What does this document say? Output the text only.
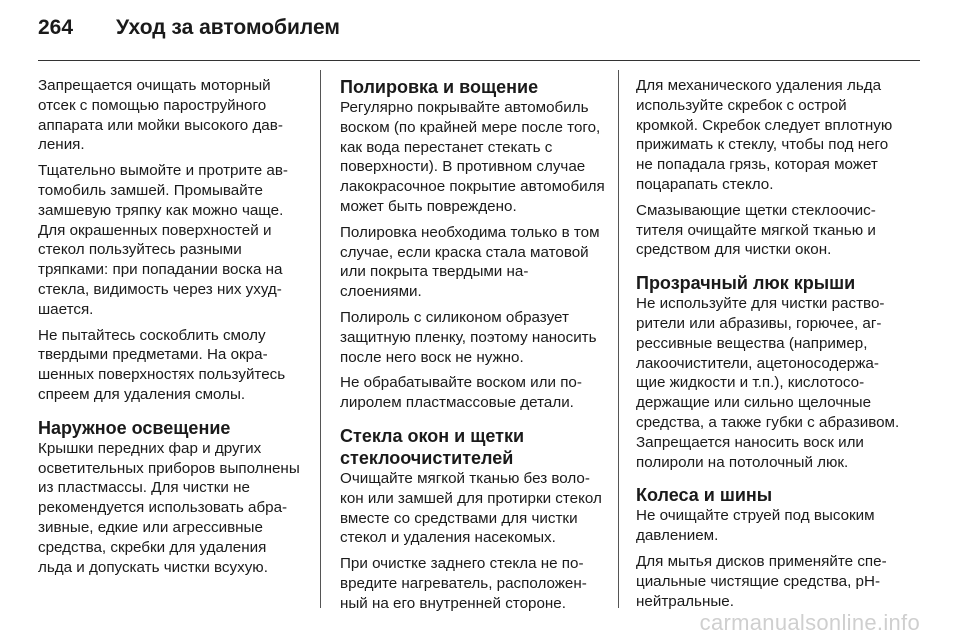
264	Уход за автомобилем

Запрещается очищать моторный отсек с помощью пароструйного аппарата или мойки высокого давления.

Тщательно вымойте и протрите автомобиль замшей. Промывайте замшевую тряпку как можно чаще. Для окрашенных поверхностей и стекол пользуйтесь разными тряпками: при попадании воска на стекла, видимость через них ухудшается.

Не пытайтесь соскоблить смолу твердыми предметами. На окрашенных поверхностях пользуйтесь спреем для удаления смолы.

Наружное освещение

Крышки передних фар и других осветительных приборов выполнены из пластмассы. Для чистки не рекомендуется использовать абразивные, едкие или агрессивные средства, скребки для удаления льда и допускать чистки всухую.

Полировка и вощение

Регулярно покрывайте автомобиль воском (по крайней мере после того, как вода перестанет стекать с поверхности). В противном случае лакокрасочное покрытие автомобиля может быть повреждено.

Полировка необходима только в том случае, если краска стала матовой или покрыта твердыми наслоениями.

Полироль с силиконом образует защитную пленку, поэтому наносить после него воск не нужно.

Не обрабатывайте воском или полиролем пластмассовые детали.

Стекла окон и щетки стеклоочистителей

Очищайте мягкой тканью без волокон или замшей для протирки стекол вместе со средствами для чистки стекол и удаления насекомых.

При очистке заднего стекла не повредите нагреватель, расположенный на его внутренней стороне.

Для механического удаления льда используйте скребок с острой кромкой. Скребок следует вплотную прижимать к стеклу, чтобы под него не попадала грязь, которая может поцарапать стекло.

Смазывающие щетки стеклоочистителя очищайте мягкой тканью и средством для чистки окон.

Прозрачный люк крыши

Не используйте для чистки растворители или абразивы, горючее, агрессивные вещества (например, лакоочистители, ацетоносодержащие жидкости и т.п.), кислотосодержащие или сильно щелочные средства, а также губки с абразивом. Запрещается наносить воск или полироли на потолочный люк.

Колеса и шины

Не очищайте струей под высоким давлением.

Для мытья дисков применяйте специальные чистящие средства, pH-нейтральные.

carmanualsonline.info
